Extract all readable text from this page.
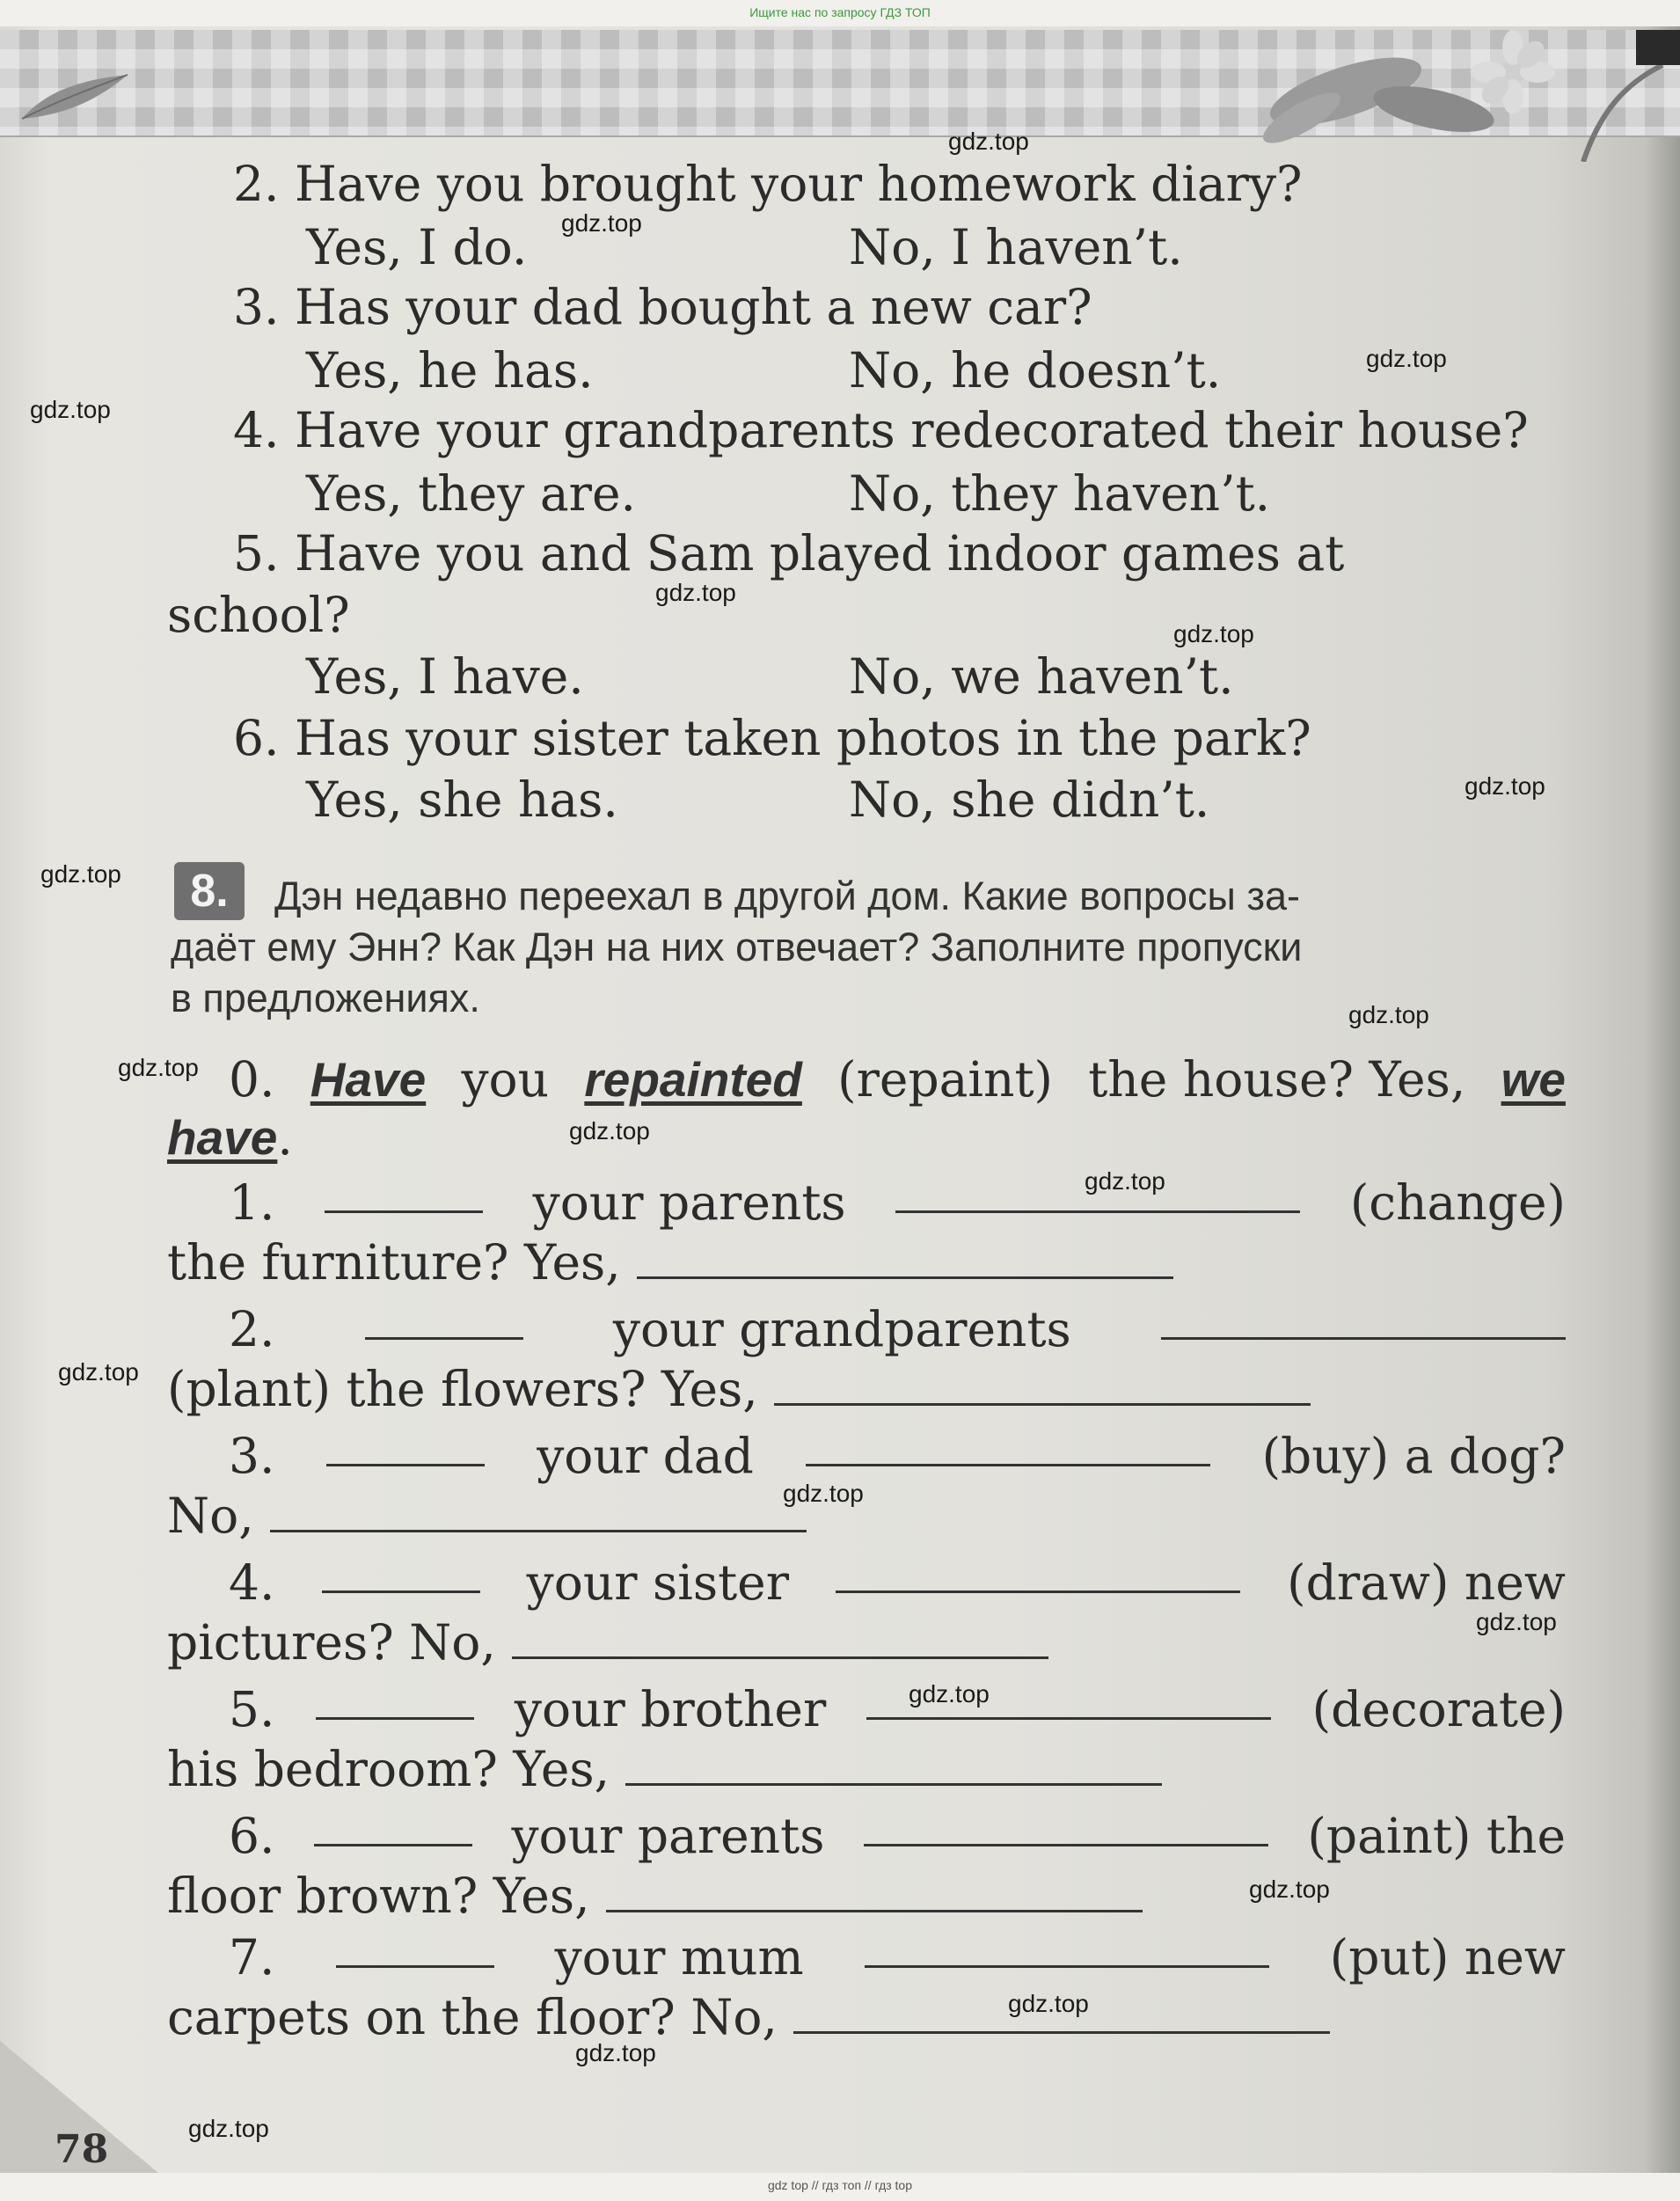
Ищите нас по запросу ГДЗ ТОП
2. Have you brought your homework diary?
Yes, I do.	No, I haven’t.
3. Has your dad bought a new car?
Yes, he has.	No, he doesn’t.
4. Have your grandparents redecorated their house?
Yes, they are.	No, they haven’t.
5. Have you and Sam played indoor games at
school?
Yes, I have.	No, we haven’t.
6. Has your sister taken photos in the park?
Yes, she has.	No, she didn’t.
8.	Дэн недавно переехал в другой дом. Какие вопросы за-
даёт ему Энн? Как Дэн на них отвечает? Заполните пропуски
в предложениях.
0. Have you repainted (repaint) the house? Yes, we
have.
1.	your parents	(change)
the furniture? Yes,
2.	your grandparents
(plant) the flowers? Yes,
3.	your dad	(buy) a dog?
No,
4.	your sister	(draw) new
pictures? No,
5.	your brother	(decorate)
his bedroom? Yes,
6.	your parents	(paint) the
floor brown? Yes,
7.	your mum	(put) new
carpets on the floor? No,
78
gdz.top
gdz.top
gdz.top
gdz.top
gdz.top
gdz.top
gdz.top
gdz.top
gdz.top
gdz.top
gdz.top
gdz.top
gdz.top
gdz.top
gdz.top
gdz.top
gdz.top
gdz.top
gdz.top
gdz.top
gdz top // гдз топ // гдз top
